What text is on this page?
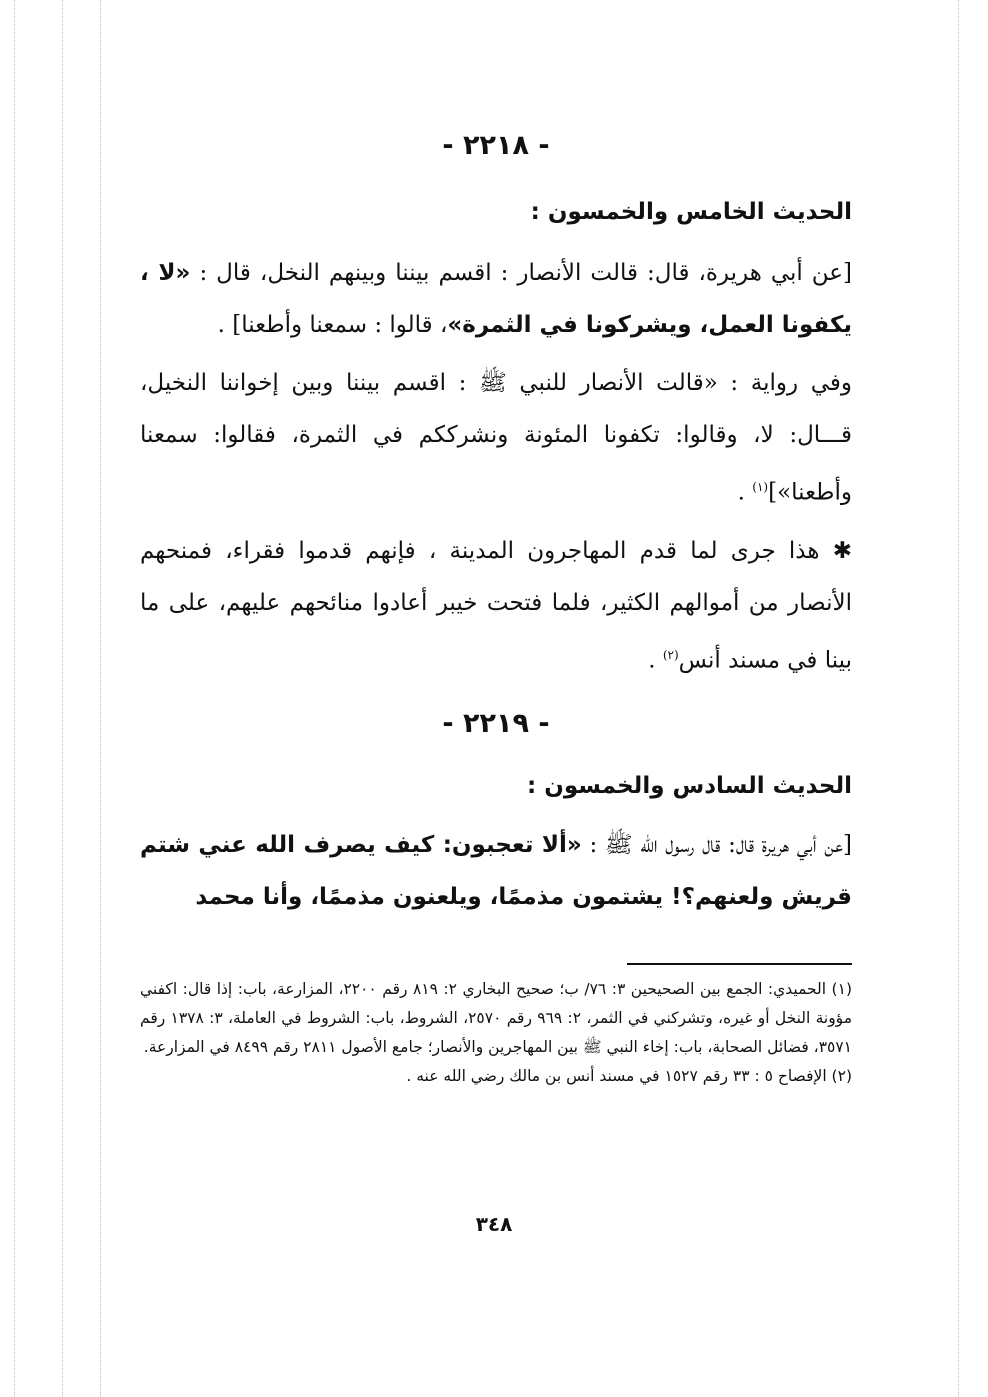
- ٢٢١٨ -
الحديث الخامس والخمسون :

[عن أبي هريرة، قال: قالت الأنصار : اقسم بيننا وبينهم النخل، قال : «لا ، يكفونا العمل، ويشركونا في الثمرة»، قالوا : سمعنا وأطعنا] .

وفي رواية : «قالت الأنصار للنبي ﷺ : اقسم بيننا وبين إخواننا النخيل، قـــال: لا، وقالوا: تكفونا المئونة ونشرككم في الثمرة، فقالوا: سمعنا وأطعنا»]$^{(١)}$ .

✱ هذا جرى لما قدم المهاجرون المدينة ، فإنهم قدموا فقراء، فمنحهم الأنصار من أموالهم الكثير، فلما فتحت خيبر أعادوا منائحهم عليهم، على ما بينا في مسند أنس$^{(٢)}$ .

- ٢٢١٩ -
الحديث السادس والخمسون :

[عن أبي هريرة قال: قال رسول الله ﷺ : «ألا تعجبون: كيف يصرف الله عني شتم قريش ولعنهم؟! يشتمون مذممًا، ويلعنون مذممًا، وأنا محمد

(١) الحميدي: الجمع بين الصحيحين ٣: ٧٦/ ب؛ صحيح البخاري ٢: ٨١٩ رقم ٢٢٠٠، المزارعة، باب: إذا قال: اكفني مؤونة النخل أو غيره، وتشركني في الثمر، ٢: ٩٦٩ رقم ٢٥٧٠، الشروط، باب: الشروط في العاملة، ٣: ١٣٧٨ رقم ٣٥٧١، فضائل الصحابة، باب: إخاء النبي ﷺ بين المهاجرين والأنصار؛ جامع الأصول ٢٨١١ رقم ٨٤٩٩ في المزارعة.

(٢) الإفصاح ٥ : ٣٣ رقم ١٥٢٧ في مسند أنس بن مالك رضي الله عنه .

٣٤٨
